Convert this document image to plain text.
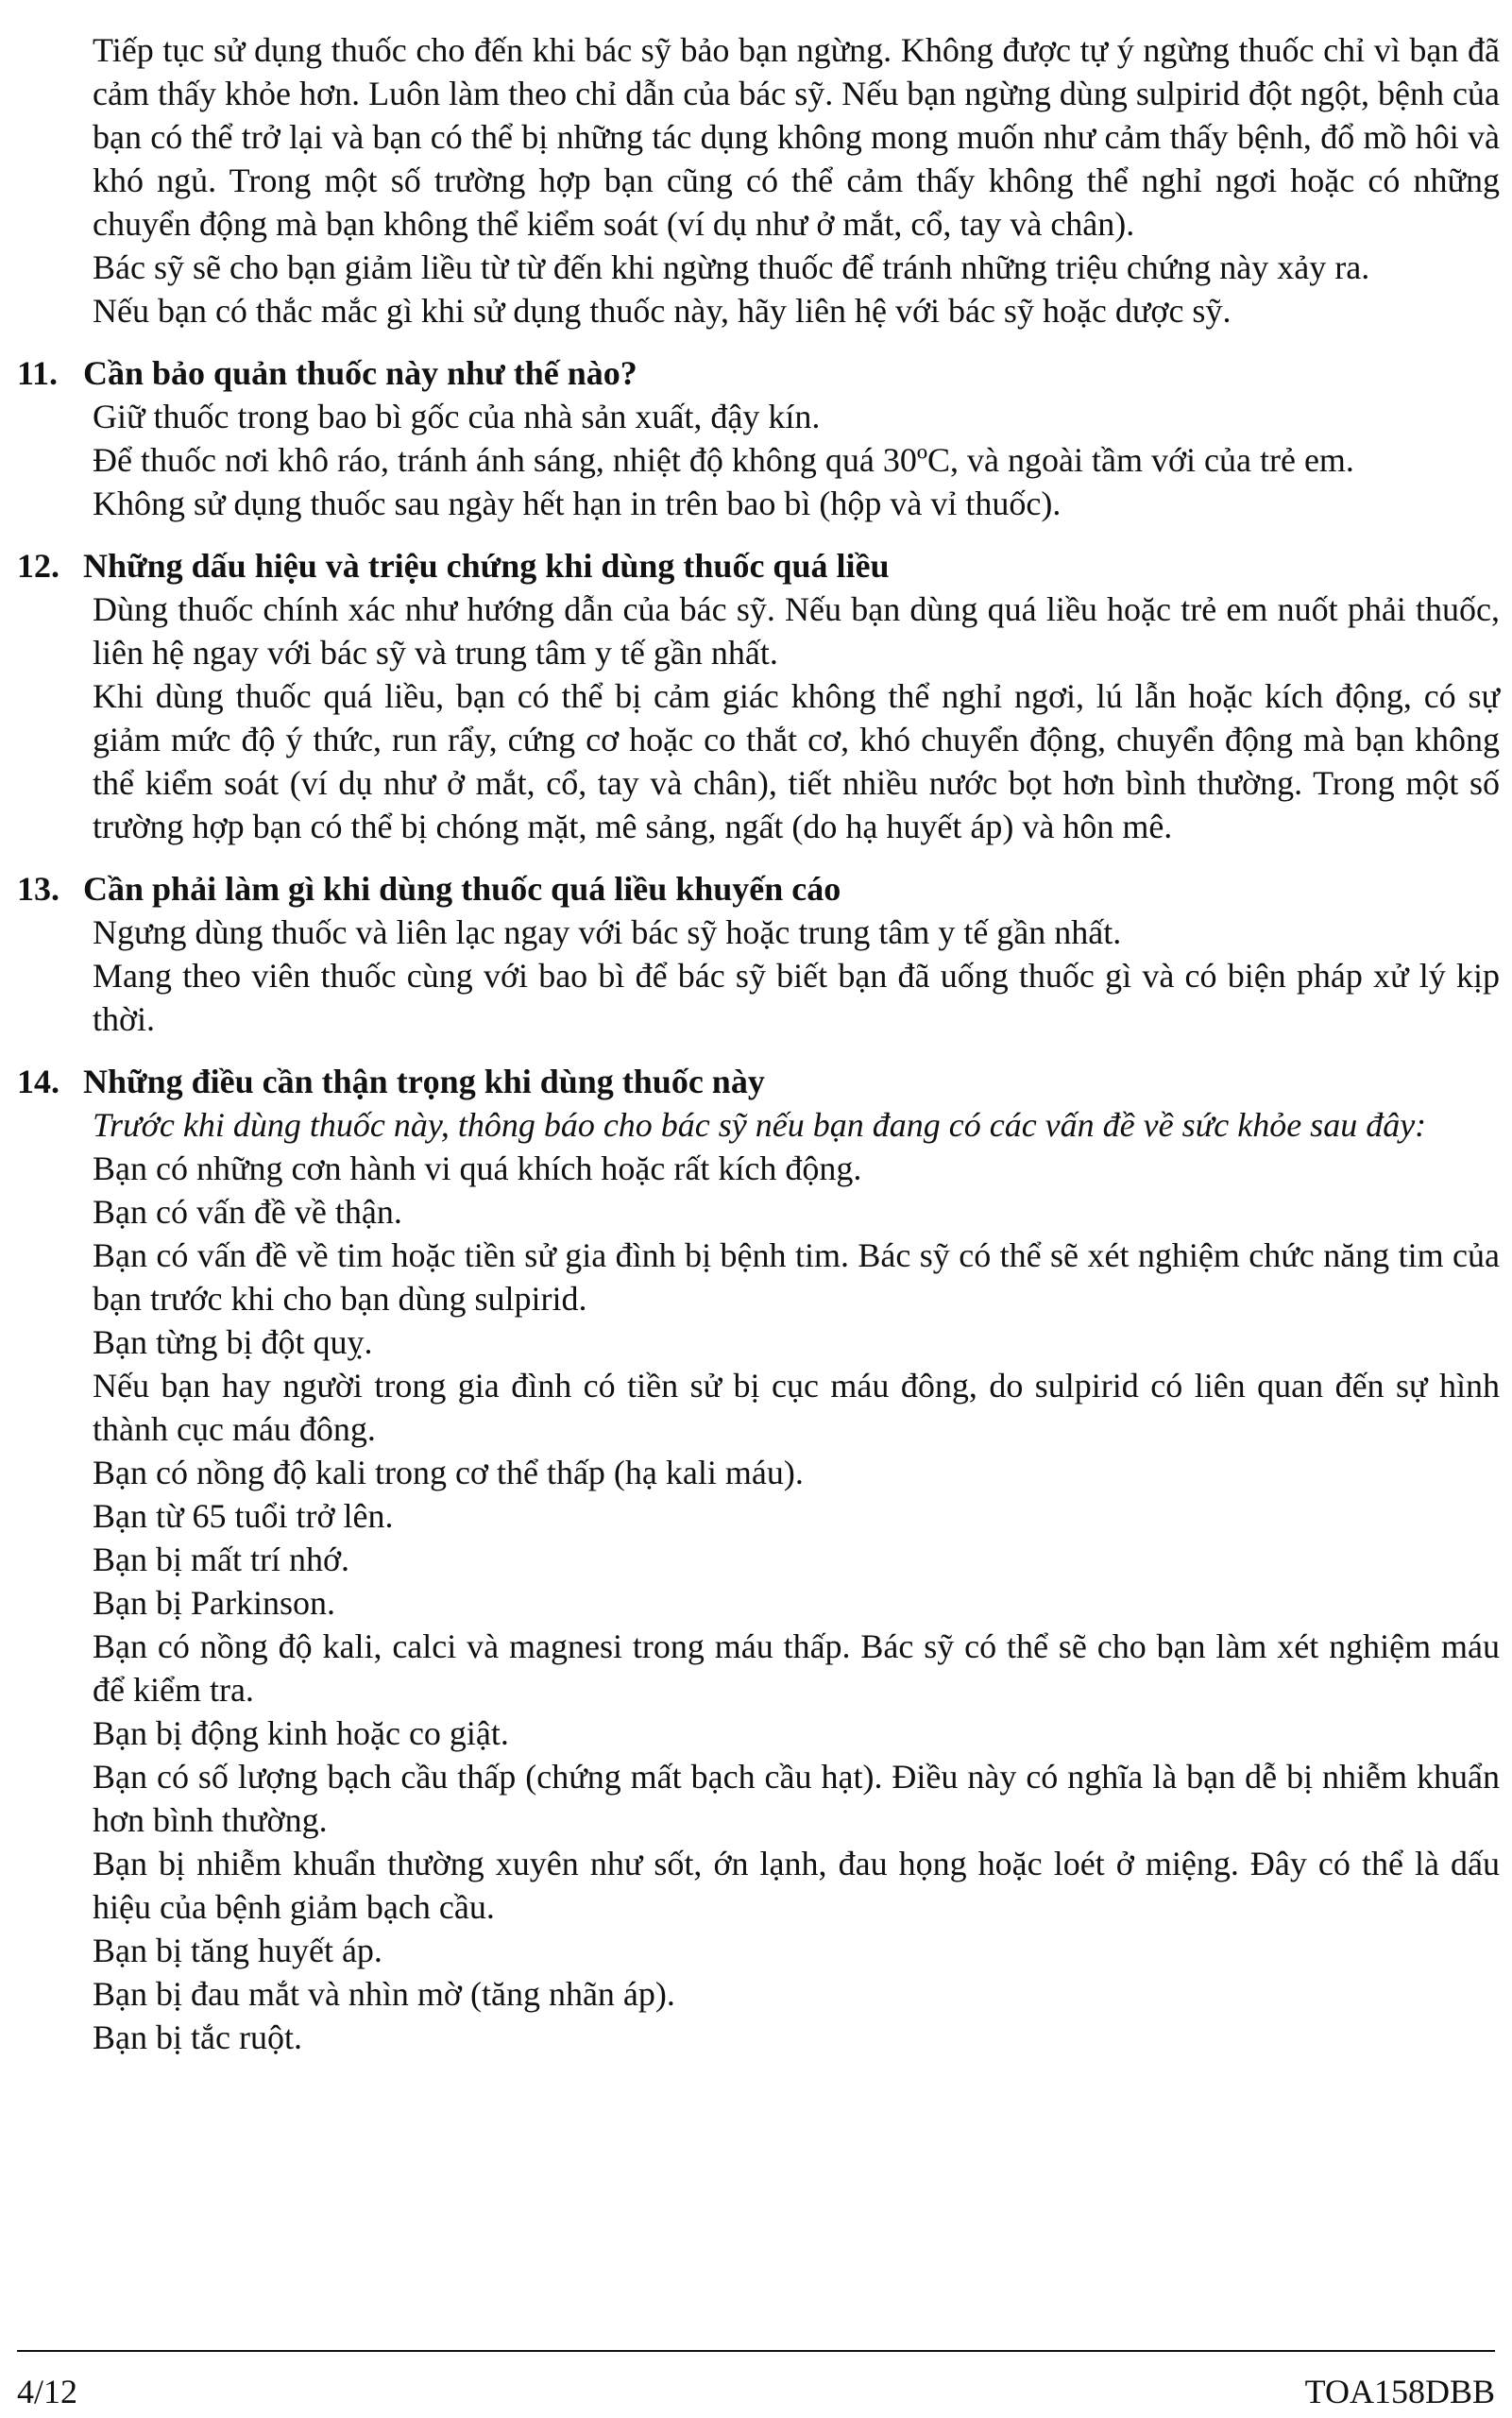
Tiếp tục sử dụng thuốc cho đến khi bác sỹ bảo bạn ngừng. Không được tự ý ngừng thuốc chỉ vì bạn đã cảm thấy khỏe hơn. Luôn làm theo chỉ dẫn của bác sỹ. Nếu bạn ngừng dùng sulpirid đột ngột, bệnh của bạn có thể trở lại và bạn có thể bị những tác dụng không mong muốn như cảm thấy bệnh, đổ mồ hôi và khó ngủ. Trong một số trường hợp bạn cũng có thể cảm thấy không thể nghỉ ngơi hoặc có những chuyển động mà bạn không thể kiểm soát (ví dụ như ở mắt, cổ, tay và chân).

Bác sỹ sẽ cho bạn giảm liều từ từ đến khi ngừng thuốc để tránh những triệu chứng này xảy ra.

Nếu bạn có thắc mắc gì khi sử dụng thuốc này, hãy liên hệ với bác sỹ hoặc dược sỹ.

11. Cần bảo quản thuốc này như thế nào?

Giữ thuốc trong bao bì gốc của nhà sản xuất, đậy kín.

Để thuốc nơi khô ráo, tránh ánh sáng, nhiệt độ không quá 30ºC, và ngoài tầm với của trẻ em.

Không sử dụng thuốc sau ngày hết hạn in trên bao bì (hộp và vỉ thuốc).

12. Những dấu hiệu và triệu chứng khi dùng thuốc quá liều

Dùng thuốc chính xác như hướng dẫn của bác sỹ. Nếu bạn dùng quá liều hoặc trẻ em nuốt phải thuốc, liên hệ ngay với bác sỹ và trung tâm y tế gần nhất.

Khi dùng thuốc quá liều, bạn có thể bị cảm giác không thể nghỉ ngơi, lú lẫn hoặc kích động, có sự giảm mức độ ý thức, run rẩy, cứng cơ hoặc co thắt cơ, khó chuyển động, chuyển động mà bạn không thể kiểm soát (ví dụ như ở mắt, cổ, tay và chân), tiết nhiều nước bọt hơn bình thường. Trong một số trường hợp bạn có thể bị chóng mặt, mê sảng, ngất (do hạ huyết áp) và hôn mê.

13. Cần phải làm gì khi dùng thuốc quá liều khuyến cáo

Ngưng dùng thuốc và liên lạc ngay với bác sỹ hoặc trung tâm y tế gần nhất.

Mang theo viên thuốc cùng với bao bì để bác sỹ biết bạn đã uống thuốc gì và có biện pháp xử lý kịp thời.

14. Những điều cần thận trọng khi dùng thuốc này

Trước khi dùng thuốc này, thông báo cho bác sỹ nếu bạn đang có các vấn đề về sức khỏe sau đây:

Bạn có những cơn hành vi quá khích hoặc rất kích động.

Bạn có vấn đề về thận.

Bạn có vấn đề về tim hoặc tiền sử gia đình bị bệnh tim. Bác sỹ có thể sẽ xét nghiệm chức năng tim của bạn trước khi cho bạn dùng sulpirid.

Bạn từng bị đột quỵ.

Nếu bạn hay người trong gia đình có tiền sử bị cục máu đông, do sulpirid có liên quan đến sự hình thành cục máu đông.

Bạn có nồng độ kali trong cơ thể thấp (hạ kali máu).

Bạn từ 65 tuổi trở lên.

Bạn bị mất trí nhớ.

Bạn bị Parkinson.

Bạn có nồng độ kali, calci và magnesi trong máu thấp. Bác sỹ có thể sẽ cho bạn làm xét nghiệm máu để kiểm tra.

Bạn bị động kinh hoặc co giật.

Bạn có số lượng bạch cầu thấp (chứng mất bạch cầu hạt). Điều này có nghĩa là bạn dễ bị nhiễm khuẩn hơn bình thường.

Bạn bị nhiễm khuẩn thường xuyên như sốt, ớn lạnh, đau họng hoặc loét ở miệng. Đây có thể là dấu hiệu của bệnh giảm bạch cầu.

Bạn bị tăng huyết áp.

Bạn bị đau mắt và nhìn mờ (tăng nhãn áp).

Bạn bị tắc ruột.

4/12	TOA158DBB
